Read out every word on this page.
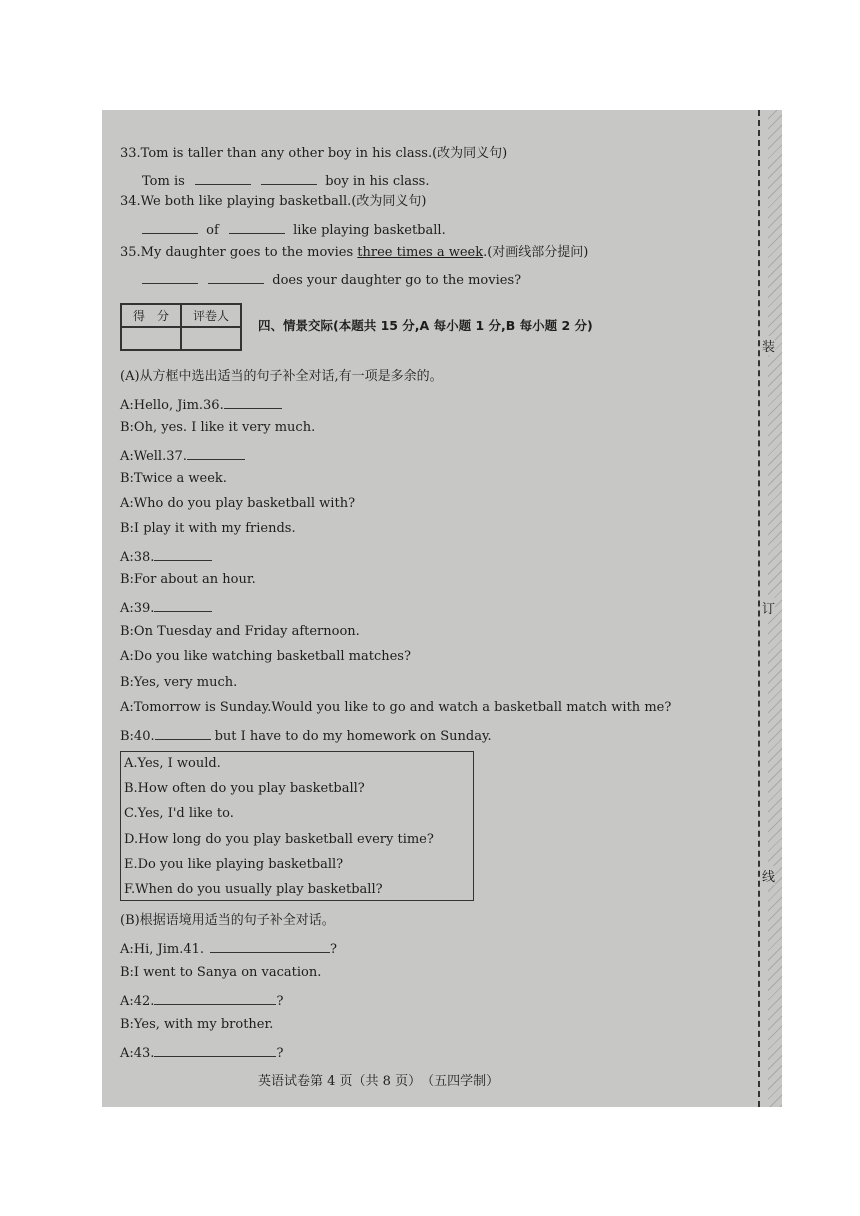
装
订
线
33.Tom is taller than any other boy in his class.(改为同义句)
Tom is	boy in his class.
34.We both like playing basketball.(改为同义句)
of	like playing basketball.
35.My daughter goes to the movies three times a week.(对画线部分提问)
does your daughter go to the movies?
得　分	评卷人
四、情景交际(本题共 15 分,A 每小题 1 分,B 每小题 2 分)
(A)从方框中选出适当的句子补全对话,有一项是多余的。
A:Hello, Jim.36.
B:Oh, yes. I like it very much.
A:Well.37.
B:Twice a week.
A:Who do you play basketball with?
B:I play it with my friends.
A:38.
B:For about an hour.
A:39.
B:On Tuesday and Friday afternoon.
A:Do you like watching basketball matches?
B:Yes, very much.
A:Tomorrow is Sunday.Would you like to go and watch a basketball match with me?
B:40.	but I have to do my homework on Sunday.
A.Yes, I would.
B.How often do you play basketball?
C.Yes, I'd like to.
D.How long do you play basketball every time?
E.Do you like playing basketball?
F.When do you usually play basketball?
(B)根据语境用适当的句子补全对话。
A:Hi, Jim.41.	?
B:I went to Sanya on vacation.
A:42.	?
B:Yes, with my brother.
A:43.	?
英语试卷第 4 页（共 8 页）　（五四学制）
